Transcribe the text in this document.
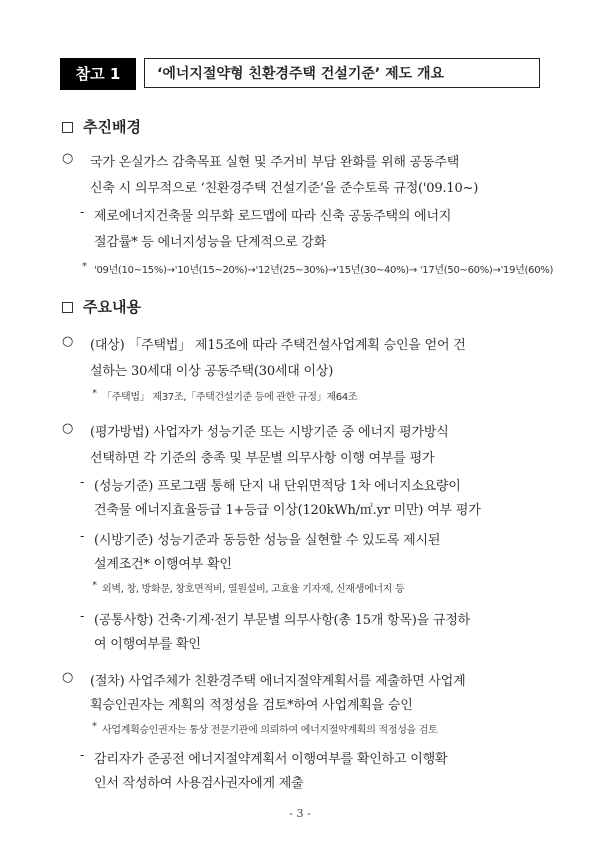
참고 1	‘에너지절약형 친환경주택 건설기준’ 제도 개요
추진배경
○ 국가 온실가스 감축목표 실현 및 주거비 부담 완화를 위해 공동주택
신축 시 의무적으로 ‘친환경주택 건설기준’을 준수토록 규정('09.10~)
- 제로에너지건축물 의무화 로드맵에 따라 신축 공동주택의 에너지
절감률* 등 에너지성능을 단계적으로 강화
* '09년(10~15%)→'10년(15~20%)→'12년(25~30%)→'15년(30~40%)→ '17년(50~60%)→'19년(60%)
주요내용
○ (대상) 「주택법」 제15조에 따라 주택건설사업계획 승인을 얻어 건
설하는 30세대 이상 공동주택(30세대 이상)
* 「주택법」 제37조,「주택건설기준 등에 관한 규정」제64조
○ (평가방법) 사업자가 성능기준 또는 시방기준 중 에너지 평가방식
선택하면 각 기준의 충족 및 부문별 의무사항 이행 여부를 평가
- (성능기준) 프로그램 통해 단지 내 단위면적당 1차 에너지소요량이
건축물 에너지효율등급 1+등급 이상(120kWh/㎡.yr 미만) 여부 평가
- (시방기준) 성능기준과 동등한 성능을 실현할 수 있도록 제시된
설계조건* 이행여부 확인
* 외벽, 창, 방화문, 창호면적비, 열원설비, 고효율 기자재, 신재생에너지 등
- (공통사항) 건축·기계·전기 부문별 의무사항(총 15개 항목)을 규정하
여 이행여부를 확인
○ (절차) 사업주체가 친환경주택 에너지절약계획서를 제출하면 사업계
획승인권자는 계획의 적정성을 검토*하여 사업계획을 승인
* 사업계획승인권자는 통상 전문기관에 의뢰하여 에너지절약계획의 적정성을 검토
- 감리자가 준공전 에너지절약계획서 이행여부를 확인하고 이행확
인서 작성하여 사용검사권자에게 제출
- 3 -
